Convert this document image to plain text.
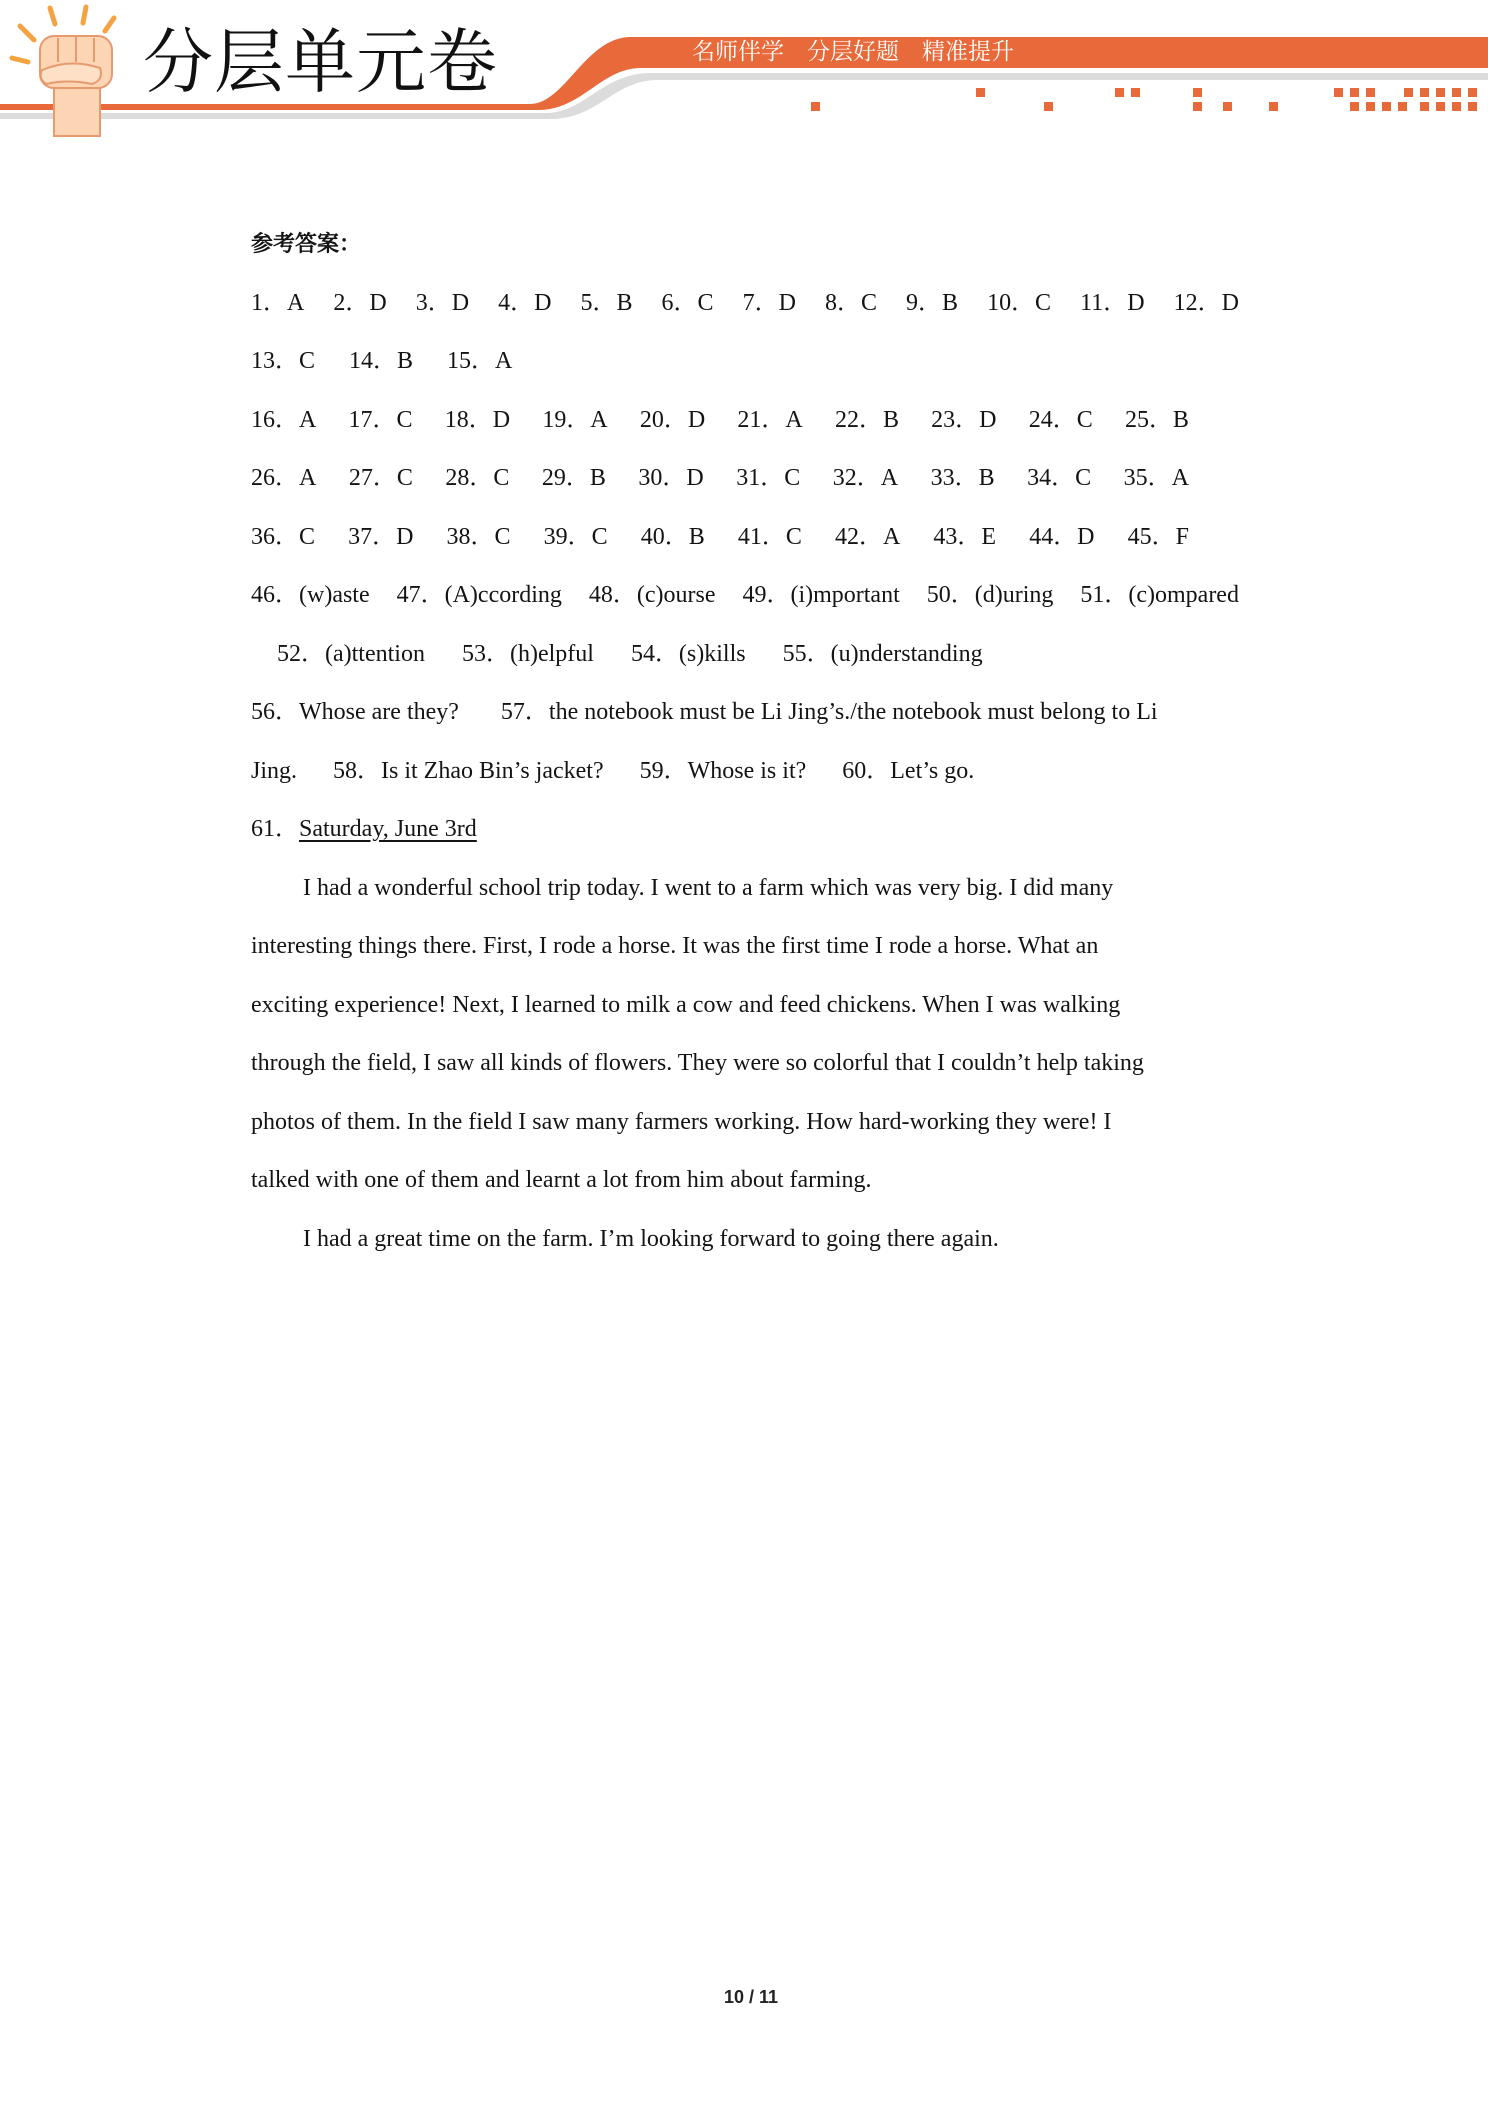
分层单元卷	名师伴学　分层好题　精准提升
参考答案：
1．A 2．D 3．D 4．D 5．B 6．C 7．D 8．C 9．B 10．C 11．D 12．D
13．C 14．B 15．A
16．A 17．C 18．D 19．A 20．D 21．A 22．B 23．D 24．C 25．B
26．A 27．C 28．C 29．B 30．D 31．C 32．A 33．B 34．C 35．A
36．C 37．D 38．C 39．C 40．B 41．C 42．A 43．E 44．D 45．F
46．(w)aste 47．(A)ccording 48．(c)ourse 49．(i)mportant 50．(d)uring 51．(c)ompared
52．(a)ttention 53．(h)elpful 54．(s)kills 55．(u)nderstanding
56．Whose are they? 57．the notebook must be Li Jing’s./the notebook must belong to Li
Jing. 58．Is it Zhao Bin’s jacket? 59．Whose is it? 60．Let’s go.
61．Saturday, June 3rd
I had a wonderful school trip today. I went to a farm which was very big. I did many
interesting things there. First, I rode a horse. It was the first time I rode a horse. What an
exciting experience! Next, I learned to milk a cow and feed chickens. When I was walking
through the field, I saw all kinds of flowers. They were so colorful that I couldn’t help taking
photos of them. In the field I saw many farmers working. How hard-working they were! I
talked with one of them and learnt a lot from him about farming.
I had a great time on the farm. I’m looking forward to going there again.
10 / 11
